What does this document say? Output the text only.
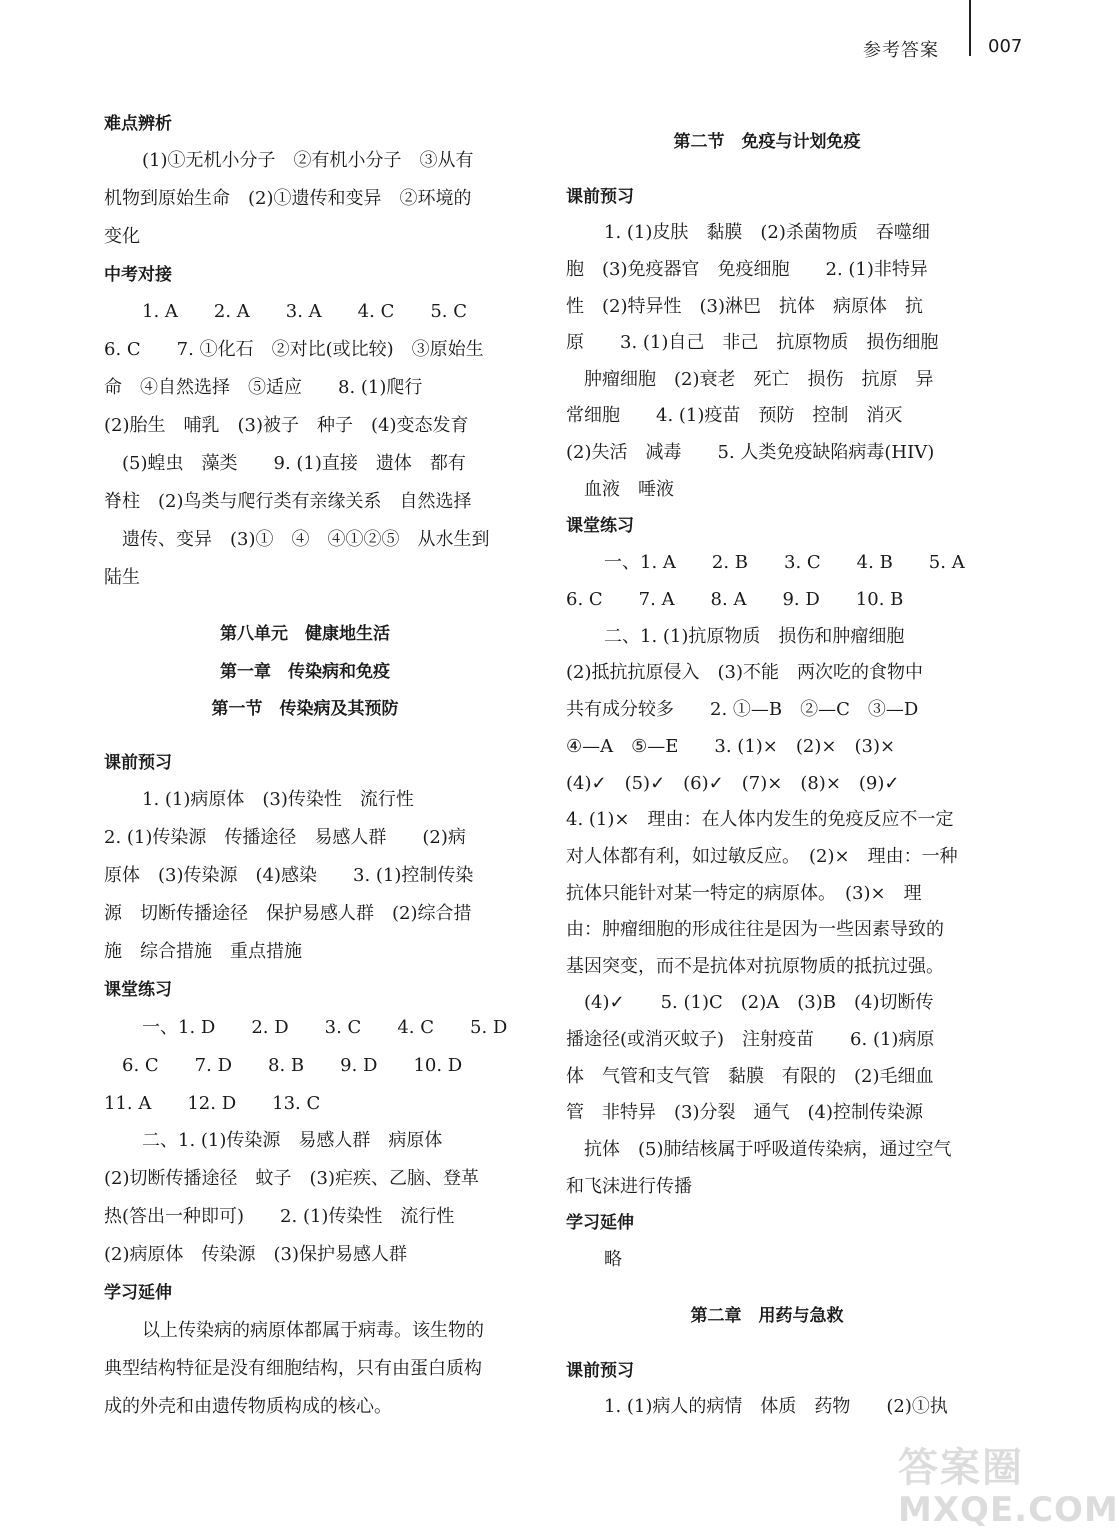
参考答案	007
难点辨析
(1)①无机小分子　②有机小分子　③从有
机物到原始生命　(2)①遗传和变异　②环境的
变化
中考对接
1. A　　2. A　　3. A　　4. C　　5. C
6. C　　7. ①化石　②对比(或比较)　③原始生
命　④自然选择　⑤适应　　8. (1)爬行
(2)胎生　哺乳　(3)被子　种子　(4)变态发育
(5)蝗虫　藻类　　9. (1)直接　遗体　都有
脊柱　(2)鸟类与爬行类有亲缘关系　自然选择
遗传、变异　(3)①　④　④①②⑤　从水生到
陆生
第八单元　健康地生活
第一章　传染病和免疫
第一节　传染病及其预防
课前预习
1. (1)病原体　(3)传染性　流行性
2. (1)传染源　传播途径　易感人群　　(2)病
原体　(3)传染源　(4)感染　　3. (1)控制传染
源　切断传播途径　保护易感人群　(2)综合措
施　综合措施　重点措施
课堂练习
一、1. D　　2. D　　3. C　　4. C　　5. D
6. C　　7. D　　8. B　　9. D　　10. D
11. A　　12. D　　13. C
二、1. (1)传染源　易感人群　病原体
(2)切断传播途径　蚊子　(3)疟疾、乙脑、登革
热(答出一种即可)　　2. (1)传染性　流行性
(2)病原体　传染源　(3)保护易感人群
学习延伸
以上传染病的病原体都属于病毒。该生物的
典型结构特征是没有细胞结构，只有由蛋白质构
成的外壳和由遗传物质构成的核心。
第二节　免疫与计划免疫
课前预习
1. (1)皮肤　黏膜　(2)杀菌物质　吞噬细
胞　(3)免疫器官　免疫细胞　　2. (1)非特异
性　(2)特异性　(3)淋巴　抗体　病原体　抗
原　　3. (1)自己　非己　抗原物质　损伤细胞
肿瘤细胞　(2)衰老　死亡　损伤　抗原　异
常细胞　　4. (1)疫苗　预防　控制　消灭
(2)失活　减毒　　5. 人类免疫缺陷病毒(HIV)
血液　唾液
课堂练习
一、1. A　　2. B　　3. C　　4. B　　5. A
6. C　　7. A　　8. A　　9. D　　10. B
二、1. (1)抗原物质　损伤和肿瘤细胞
(2)抵抗抗原侵入　(3)不能　两次吃的食物中
共有成分较多　　2. ①—B　②—C　③—D
④—A　⑤—E　　3. (1)×　(2)×　(3)×
(4)✓　(5)✓　(6)✓　(7)×　(8)×　(9)✓
4. (1)×　理由：在人体内发生的免疫反应不一定
对人体都有利，如过敏反应。　(2)×　理由：一种
抗体只能针对某一特定的病原体。　(3)×　理
由：肿瘤细胞的形成往往是因为一些因素导致的
基因突变，而不是抗体对抗原物质的抵抗过强。
(4)✓　　5. (1)C　(2)A　(3)B　(4)切断传
播途径(或消灭蚊子)　注射疫苗　　6. (1)病原
体　气管和支气管　黏膜　有限的　(2)毛细血
管　非特异　(3)分裂　通气　(4)控制传染源
抗体　(5)肺结核属于呼吸道传染病，通过空气
和飞沫进行传播
学习延伸
略
第二章　用药与急救
课前预习
1. (1)病人的病情　体质　药物　　(2)①执
答案圈
MXQE.COM
